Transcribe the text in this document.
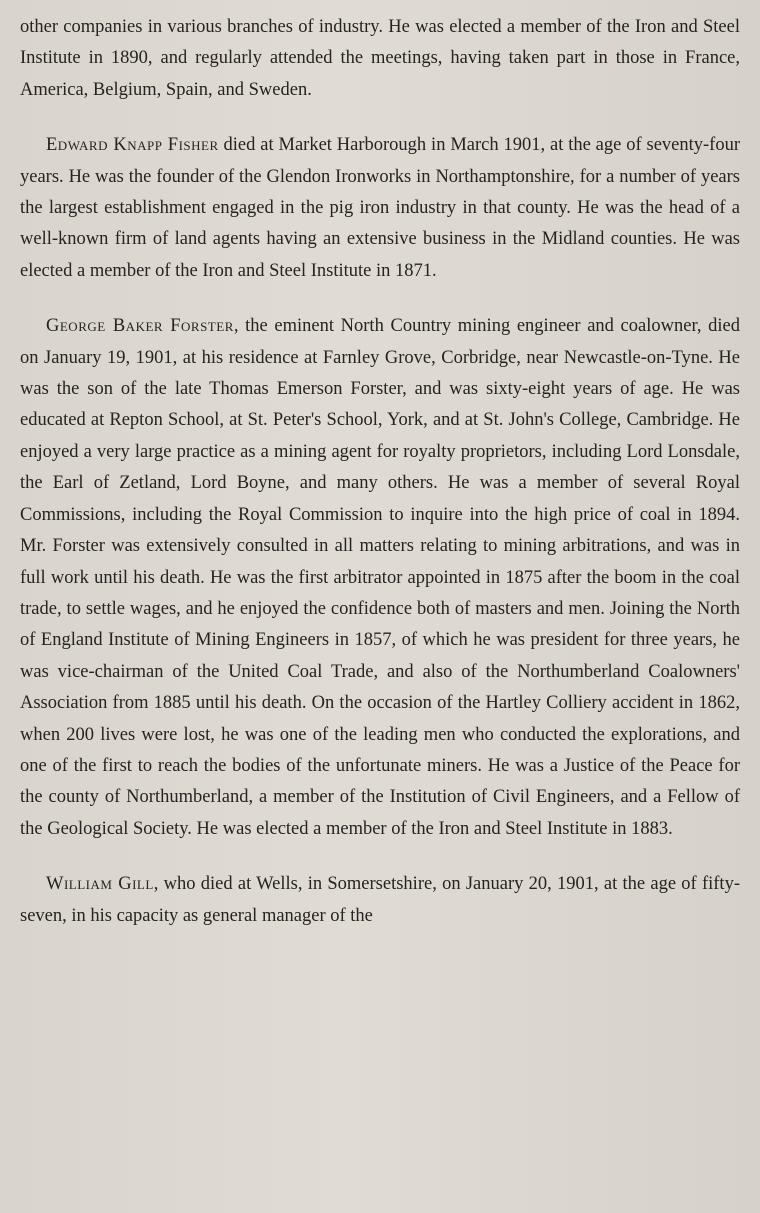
other companies in various branches of industry. He was elected a member of the Iron and Steel Institute in 1890, and regularly attended the meetings, having taken part in those in France, America, Belgium, Spain, and Sweden.

Edward Knapp Fisher died at Market Harborough in March 1901, at the age of seventy-four years. He was the founder of the Glendon Ironworks in Northamptonshire, for a number of years the largest establishment engaged in the pig iron industry in that county. He was the head of a well-known firm of land agents having an extensive business in the Midland counties. He was elected a member of the Iron and Steel Institute in 1871.

George Baker Forster, the eminent North Country mining engineer and coalowner, died on January 19, 1901, at his residence at Farnley Grove, Corbridge, near Newcastle-on-Tyne. He was the son of the late Thomas Emerson Forster, and was sixty-eight years of age. He was educated at Repton School, at St. Peter's School, York, and at St. John's College, Cambridge. He enjoyed a very large practice as a mining agent for royalty proprietors, including Lord Lonsdale, the Earl of Zetland, Lord Boyne, and many others. He was a member of several Royal Commissions, including the Royal Commission to inquire into the high price of coal in 1894. Mr. Forster was extensively consulted in all matters relating to mining arbitrations, and was in full work until his death. He was the first arbitrator appointed in 1875 after the boom in the coal trade, to settle wages, and he enjoyed the confidence both of masters and men. Joining the North of England Institute of Mining Engineers in 1857, of which he was president for three years, he was vice-chairman of the United Coal Trade, and also of the Northumberland Coalowners' Association from 1885 until his death. On the occasion of the Hartley Colliery accident in 1862, when 200 lives were lost, he was one of the leading men who conducted the explorations, and one of the first to reach the bodies of the unfortunate miners. He was a Justice of the Peace for the county of Northumberland, a member of the Institution of Civil Engineers, and a Fellow of the Geological Society. He was elected a member of the Iron and Steel Institute in 1883.

William Gill, who died at Wells, in Somersetshire, on January 20, 1901, at the age of fifty-seven, in his capacity as general manager of the
